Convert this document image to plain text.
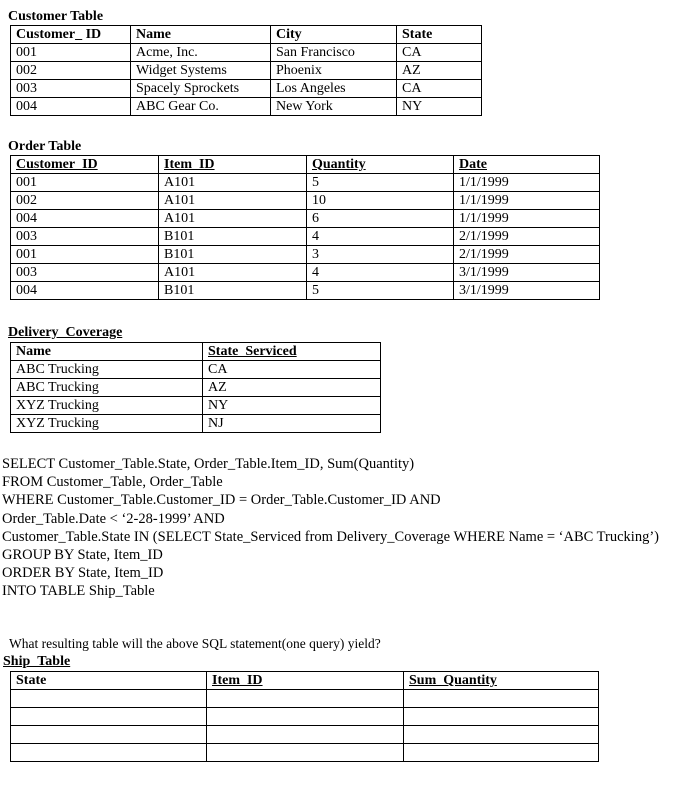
Customer Table
Customer_ ID	Name	City	State
001	Acme, Inc.	San Francisco	CA
002	Widget Systems	Phoenix	AZ
003	Spacely Sprockets	Los Angeles	CA
004	ABC Gear Co.	New York	NY
Order Table
Customer_ID	Item_ID	Quantity	Date
001	A101	5	1/1/1999
002	A101	10	1/1/1999
004	A101	6	1/1/1999
003	B101	4	2/1/1999
001	B101	3	2/1/1999
003	A101	4	3/1/1999
004	B101	5	3/1/1999
Delivery_Coverage
Name	State_Serviced
ABC Trucking	CA
ABC Trucking	AZ
XYZ Trucking	NY
XYZ Trucking	NJ
SELECT Customer_Table.State, Order_Table.Item_ID, Sum(Quantity)
FROM Customer_Table, Order_Table
WHERE Customer_Table.Customer_ID = Order_Table.Customer_ID AND
Order_Table.Date < ‘2-28-1999’ AND
Customer_Table.State IN (SELECT State_Serviced from Delivery_Coverage WHERE Name = ‘ABC Trucking’)
GROUP BY State, Item_ID
ORDER BY State, Item_ID
INTO TABLE Ship_Table
What resulting table will the above SQL statement(one query) yield?
Ship_Table
State	Item_ID	Sum_Quantity
